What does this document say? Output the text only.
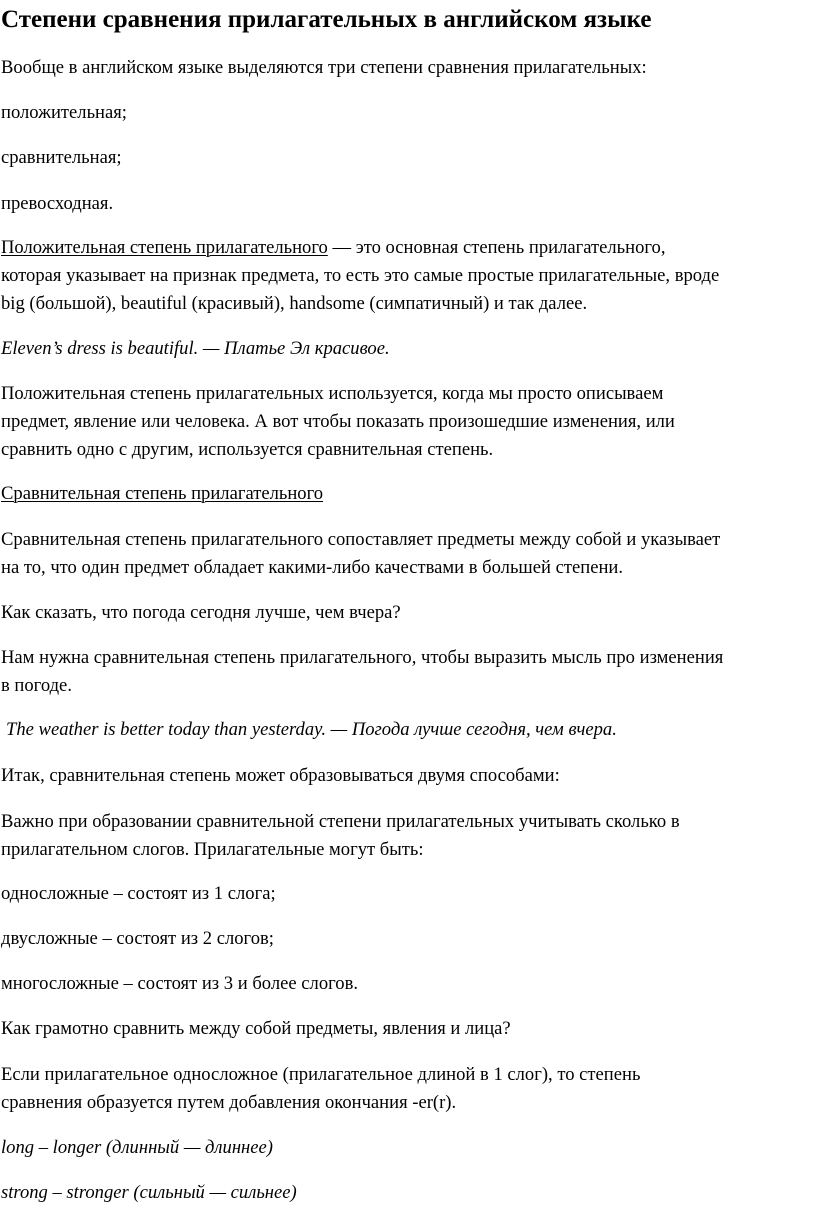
Степени сравнения прилагательных в английском языке

Вообще в английском языке выделяются три степени сравнения прилагательных:

положительная;

сравнительная;

превосходная.

Положительная степень прилагательного — это основная степень прилагательного,
которая указывает на признак предмета, то есть это самые простые прилагательные, вроде
big (большой), beautiful (красивый), handsome (симпатичный) и так далее.

Eleven’s dress is beautiful. — Платье Эл красивое.

Положительная степень прилагательных используется, когда мы просто описываем
предмет, явление или человека. А вот чтобы показать произошедшие изменения, или
сравнить одно с другим, используется сравнительная степень.

Сравнительная степень прилагательного

Сравнительная степень прилагательного сопоставляет предметы между собой и указывает
на то, что один предмет обладает какими-либо качествами в большей степени.

Как сказать, что погода сегодня лучше, чем вчера?

Нам нужна сравнительная степень прилагательного, чтобы выразить мысль про изменения
в погоде.

The weather is better today than yesterday. — Погода лучше сегодня, чем вчера.

Итак, сравнительная степень может образовываться двумя способами:

Важно при образовании сравнительной степени прилагательных учитывать сколько в
прилагательном слогов. Прилагательные могут быть:

односложные – состоят из 1 слога;

двусложные – состоят из 2 слогов;

многосложные – состоят из 3 и более слогов.

Как грамотно сравнить между собой предметы, явления и лица?

Если прилагательное односложное (прилагательное длиной в 1 слог), то степень
сравнения образуется путем добавления окончания -er(r).

long – longer (длинный — длиннее)

strong – stronger (сильный — сильнее)
